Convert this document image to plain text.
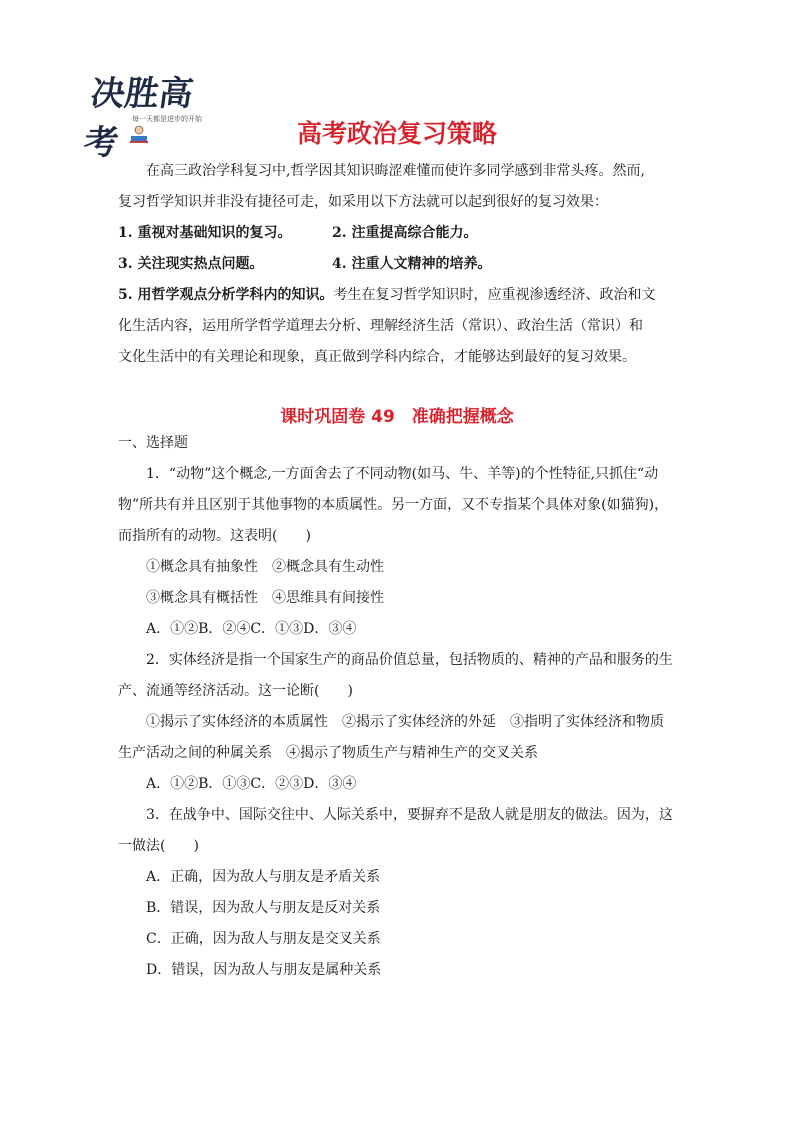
决胜高考
每一天都是进步的开始	高考政治复习策略

在高三政治学科复习中,哲学因其知识晦涩难懂而使许多同学感到非常头疼。然而,

复习哲学知识并非没有捷径可走，如采用以下方法就可以起到很好的复习效果：

1. 重视对基础知识的复习。	2. 注重提高综合能力。
3. 关注现实热点问题。	4. 注重人文精神的培养。
5. 用哲学观点分析学科内的知识。 考生在复习哲学知识时，应重视渗透经济、政治和文
化生活内容，运用所学哲学道理去分析、理解经济生活（常识）、政治生活（常识）和
文化生活中的有关理论和现象，真正做到学科内综合，才能够达到最好的复习效果。
课时巩固卷 49　准确把握概念
一、选择题
1．“动物”这个概念,一方面舍去了不同动物(如马、牛、羊等)的个性特征,只抓住“动
物”所共有并且区别于其他事物的本质属性。另一方面，又不专指某个具体对象(如猫狗)，
而指所有的动物。这表明(　　)
①概念具有抽象性　②概念具有生动性
③概念具有概括性　④思维具有间接性
A．①②B．②④C．①③D．③④
2．实体经济是指一个国家生产的商品价值总量，包括物质的、精神的产品和服务的生
产、流通等经济活动。这一论断(　　)
①揭示了实体经济的本质属性　②揭示了实体经济的外延　③指明了实体经济和物质
生产活动之间的种属关系　④揭示了物质生产与精神生产的交叉关系
A．①②B．①③C．②③D．③④
3．在战争中、国际交往中、人际关系中，要摒弃不是敌人就是朋友的做法。因为，这
一做法(　　)
A．正确，因为敌人与朋友是矛盾关系
B．错误，因为敌人与朋友是反对关系
C．正确，因为敌人与朋友是交叉关系
D．错误，因为敌人与朋友是属种关系
